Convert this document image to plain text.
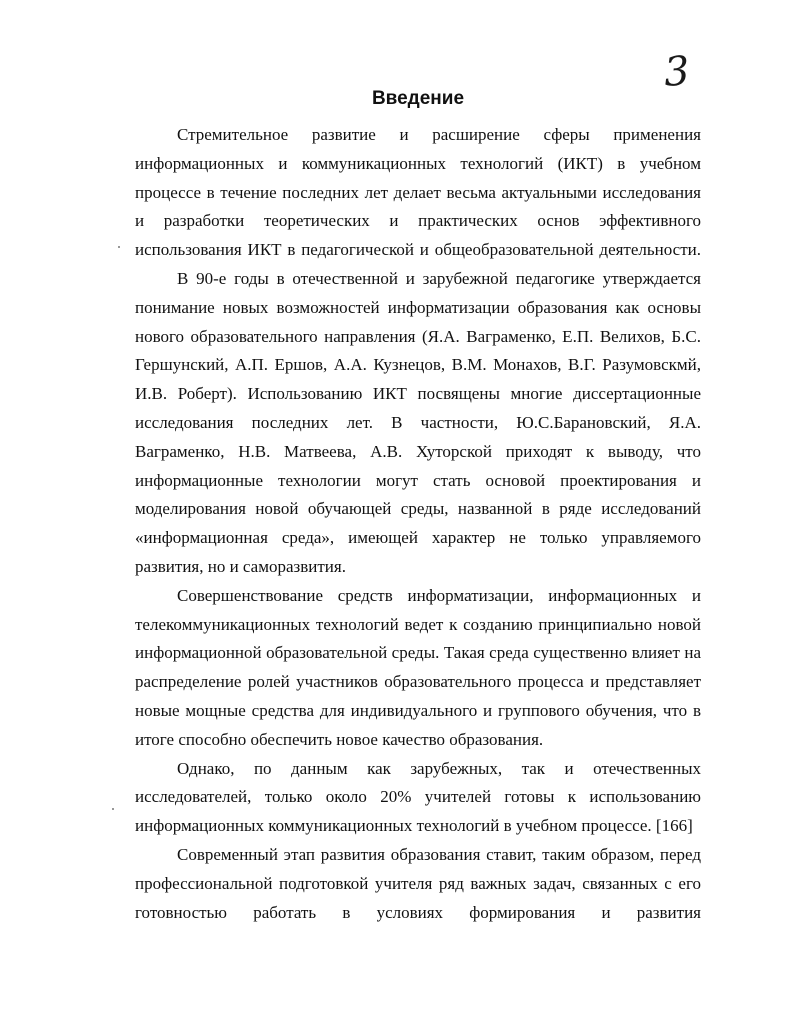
3
Введение

Стремительное развитие и расширение сферы применения информационных и коммуникационных технологий (ИКТ) в учебном процессе в течение последних лет делает весьма актуальными исследования и разработки теоретических и практических основ эффективного использования ИКТ в педагогической и общеобразовательной деятельности.

В 90-е годы в отечественной и зарубежной педагогике утверждается понимание новых возможностей информатизации образования как основы нового образовательного направления (Я.А. Ваграменко, Е.П. Велихов, Б.С. Гершунский, А.П. Ершов, А.А. Кузнецов, В.М. Монахов, В.Г. Разумовскмй, И.В. Роберт). Использованию ИКТ посвящены многие диссертационные исследования последних лет. В частности, Ю.С.Барановский, Я.А. Ваграменко, Н.В. Матвеева, А.В. Хуторской приходят к выводу, что информационные технологии могут стать основой проектирования и моделирования новой обучающей среды, названной в ряде исследований «информационная среда», имеющей характер не только управляемого развития, но и саморазвития.

Совершенствование средств информатизации, информационных и телекоммуникационных технологий ведет к созданию принципиально новой информационной образовательной среды. Такая среда существенно влияет на распределение ролей участников образовательного процесса и представляет новые мощные средства для индивидуального и группового обучения, что в итоге способно обеспечить новое качество образования.

Однако, по данным как зарубежных, так и отечественных исследователей, только около 20% учителей готовы к использованию информационных коммуникационных технологий в учебном процессе. [166]

Современный этап развития образования ставит, таким образом, перед профессиональной подготовкой учителя ряд важных задач, связанных с его готовностью работать в условиях формирования и развития
